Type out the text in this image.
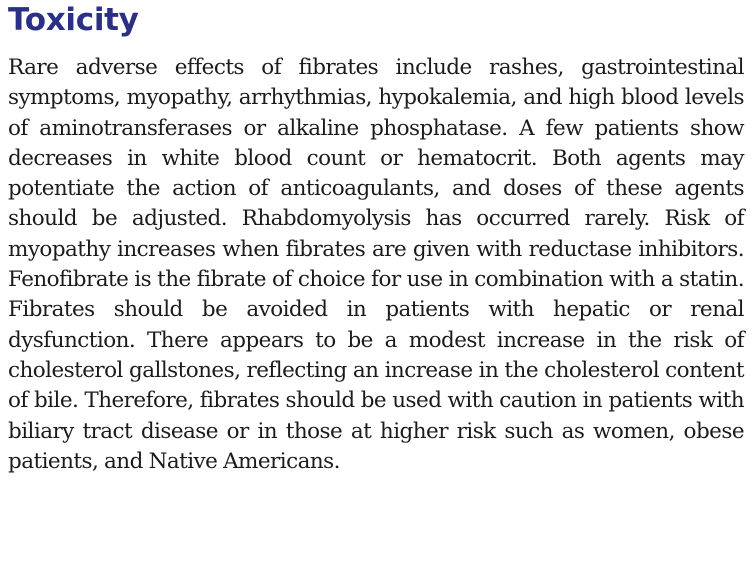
Toxicity

Rare adverse effects of fibrates include rashes, gastrointestinal symptoms, myopathy, arrhythmias, hypokalemia, and high blood levels of aminotransferases or alkaline phosphatase. A few patients show decreases in white blood count or hematocrit. Both agents may potentiate the action of anticoagulants, and doses of these agents should be adjusted. Rhabdomyolysis has occurred rarely. Risk of myopathy increases when fibrates are given with reductase inhibitors. Fenofibrate is the fibrate of choice for use in combination with a statin. Fibrates should be avoided in patients with hepatic or renal dysfunction. There appears to be a modest increase in the risk of cholesterol gallstones, reflecting an increase in the cholesterol content of bile. Therefore, fibrates should be used with caution in patients with biliary tract disease or in those at higher risk such as women, obese patients, and Native Americans.
